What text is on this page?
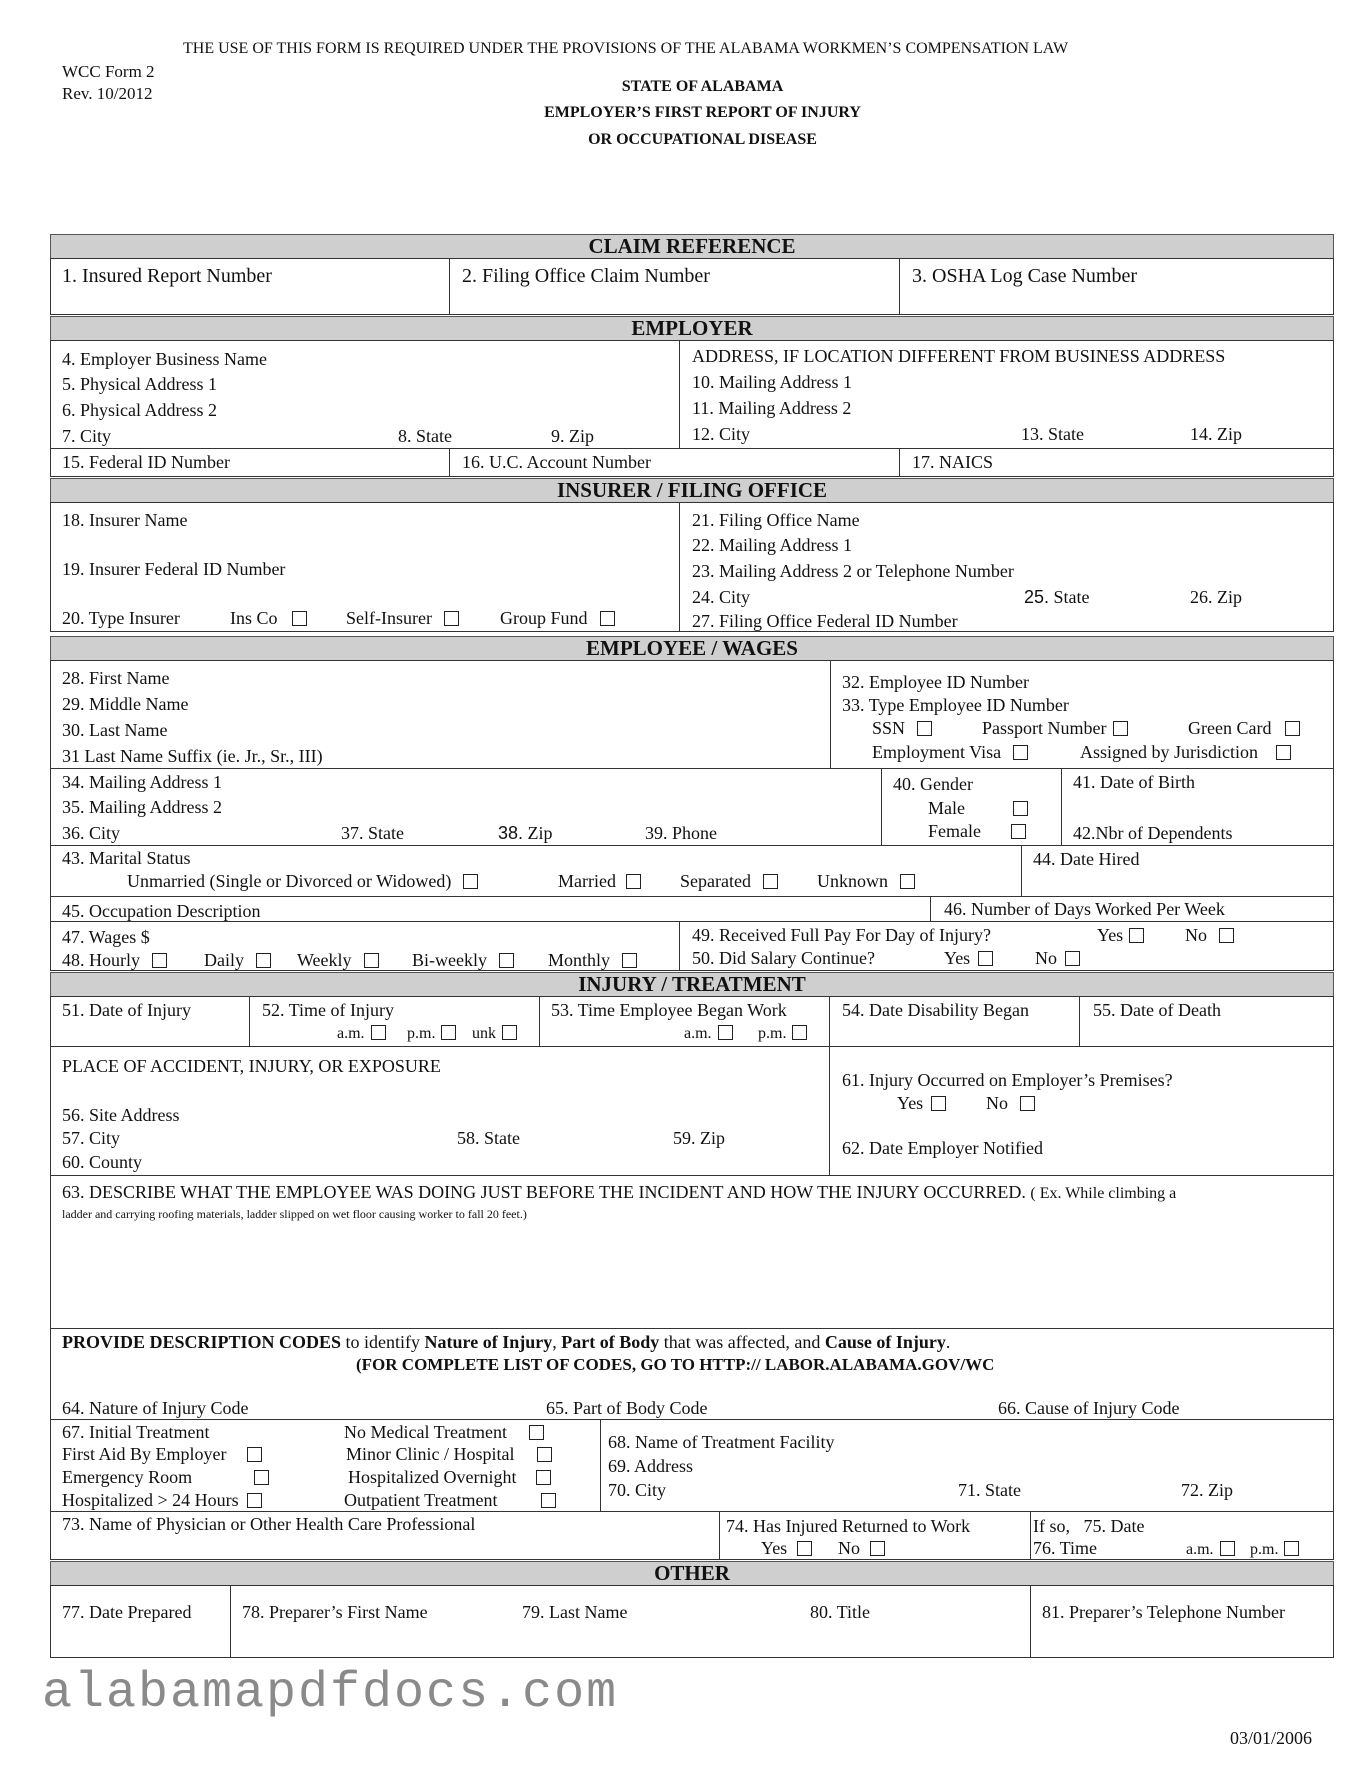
THE USE OF THIS FORM IS REQUIRED UNDER THE PROVISIONS OF THE ALABAMA WORKMEN’S COMPENSATION LAW
WCC Form 2
Rev. 10/2012	STATE OF ALABAMA
EMPLOYER’S FIRST REPORT OF INJURY
OR OCCUPATIONAL DISEASE
CLAIM REFERENCE
1. Insured Report Number	2. Filing Office Claim Number	3. OSHA Log Case Number
EMPLOYER
4. Employer Business Name
5. Physical Address 1
6. Physical Address 2
7. City	8. State	9. Zip
ADDRESS, IF LOCATION DIFFERENT FROM BUSINESS ADDRESS
10. Mailing Address 1
11. Mailing Address 2
12. City	13. State	14. Zip
15. Federal ID Number	16. U.C. Account Number	17. NAICS
INSURER / FILING OFFICE
18. Insurer Name
19. Insurer Federal ID Number
20. Type Insurer	Ins Co	Self-Insurer	Group Fund
21. Filing Office Name
22. Mailing Address 1
23. Mailing Address 2 or Telephone Number
24. City	25. State	26. Zip
27. Filing Office Federal ID Number
EMPLOYEE / WAGES
28. First Name
29. Middle Name
30. Last Name
31 Last Name Suffix (ie. Jr., Sr., III)
32. Employee ID Number
33. Type Employee ID Number
SSN	Passport Number	Green Card
Employment Visa	Assigned by Jurisdiction
34. Mailing Address 1
35. Mailing Address 2
36. City	37. State	38. Zip	39. Phone
40. Gender
Male
Female
41. Date of Birth
42.Nbr of Dependents
43. Marital Status
Unmarried (Single or Divorced or Widowed)	Married	Separated	Unknown
44. Date Hired
45. Occupation Description	46. Number of Days Worked Per Week
47. Wages $
48. Hourly	Daily	Weekly	Bi-weekly	Monthly
49. Received Full Pay For Day of Injury?	Yes	No
50. Did Salary Continue?	Yes	No
INJURY / TREATMENT
51. Date of Injury	52. Time of Injury
a.m.	p.m.	unk
53. Time Employee Began Work
a.m.	p.m.
54. Date Disability Began	55. Date of Death
PLACE OF ACCIDENT, INJURY, OR EXPOSURE
56. Site Address
57. City	58. State	59. Zip
60. County
61. Injury Occurred on Employer’s Premises?
Yes	No
62. Date Employer Notified
63. DESCRIBE WHAT THE EMPLOYEE WAS DOING JUST BEFORE THE INCIDENT AND HOW THE INJURY OCCURRED. ( Ex. While climbing a
ladder and carrying roofing materials, ladder slipped on wet floor causing worker to fall 20 feet.)
PROVIDE DESCRIPTION CODES to identify Nature of Injury, Part of Body that was affected, and Cause of Injury.
(FOR COMPLETE LIST OF CODES, GO TO HTTP:// LABOR.ALABAMA.GOV/WC
64. Nature of Injury Code	65. Part of Body Code	66. Cause of Injury Code
67. Initial Treatment
First Aid By Employer
Emergency Room
Hospitalized > 24 Hours
No Medical Treatment
Minor Clinic / Hospital
Hospitalized Overnight
Outpatient Treatment
68. Name of Treatment Facility
69. Address
70. City	71. State	72. Zip
73. Name of Physician or Other Health Care Professional	74. Has Injured Returned to Work
Yes	No
If so, 75. Date
76. Time	a.m.	p.m.
OTHER
77. Date Prepared	78. Preparer’s First Name	79. Last Name	80. Title	81. Preparer’s Telephone Number
alabamapdfdocs.com
03/01/2006
